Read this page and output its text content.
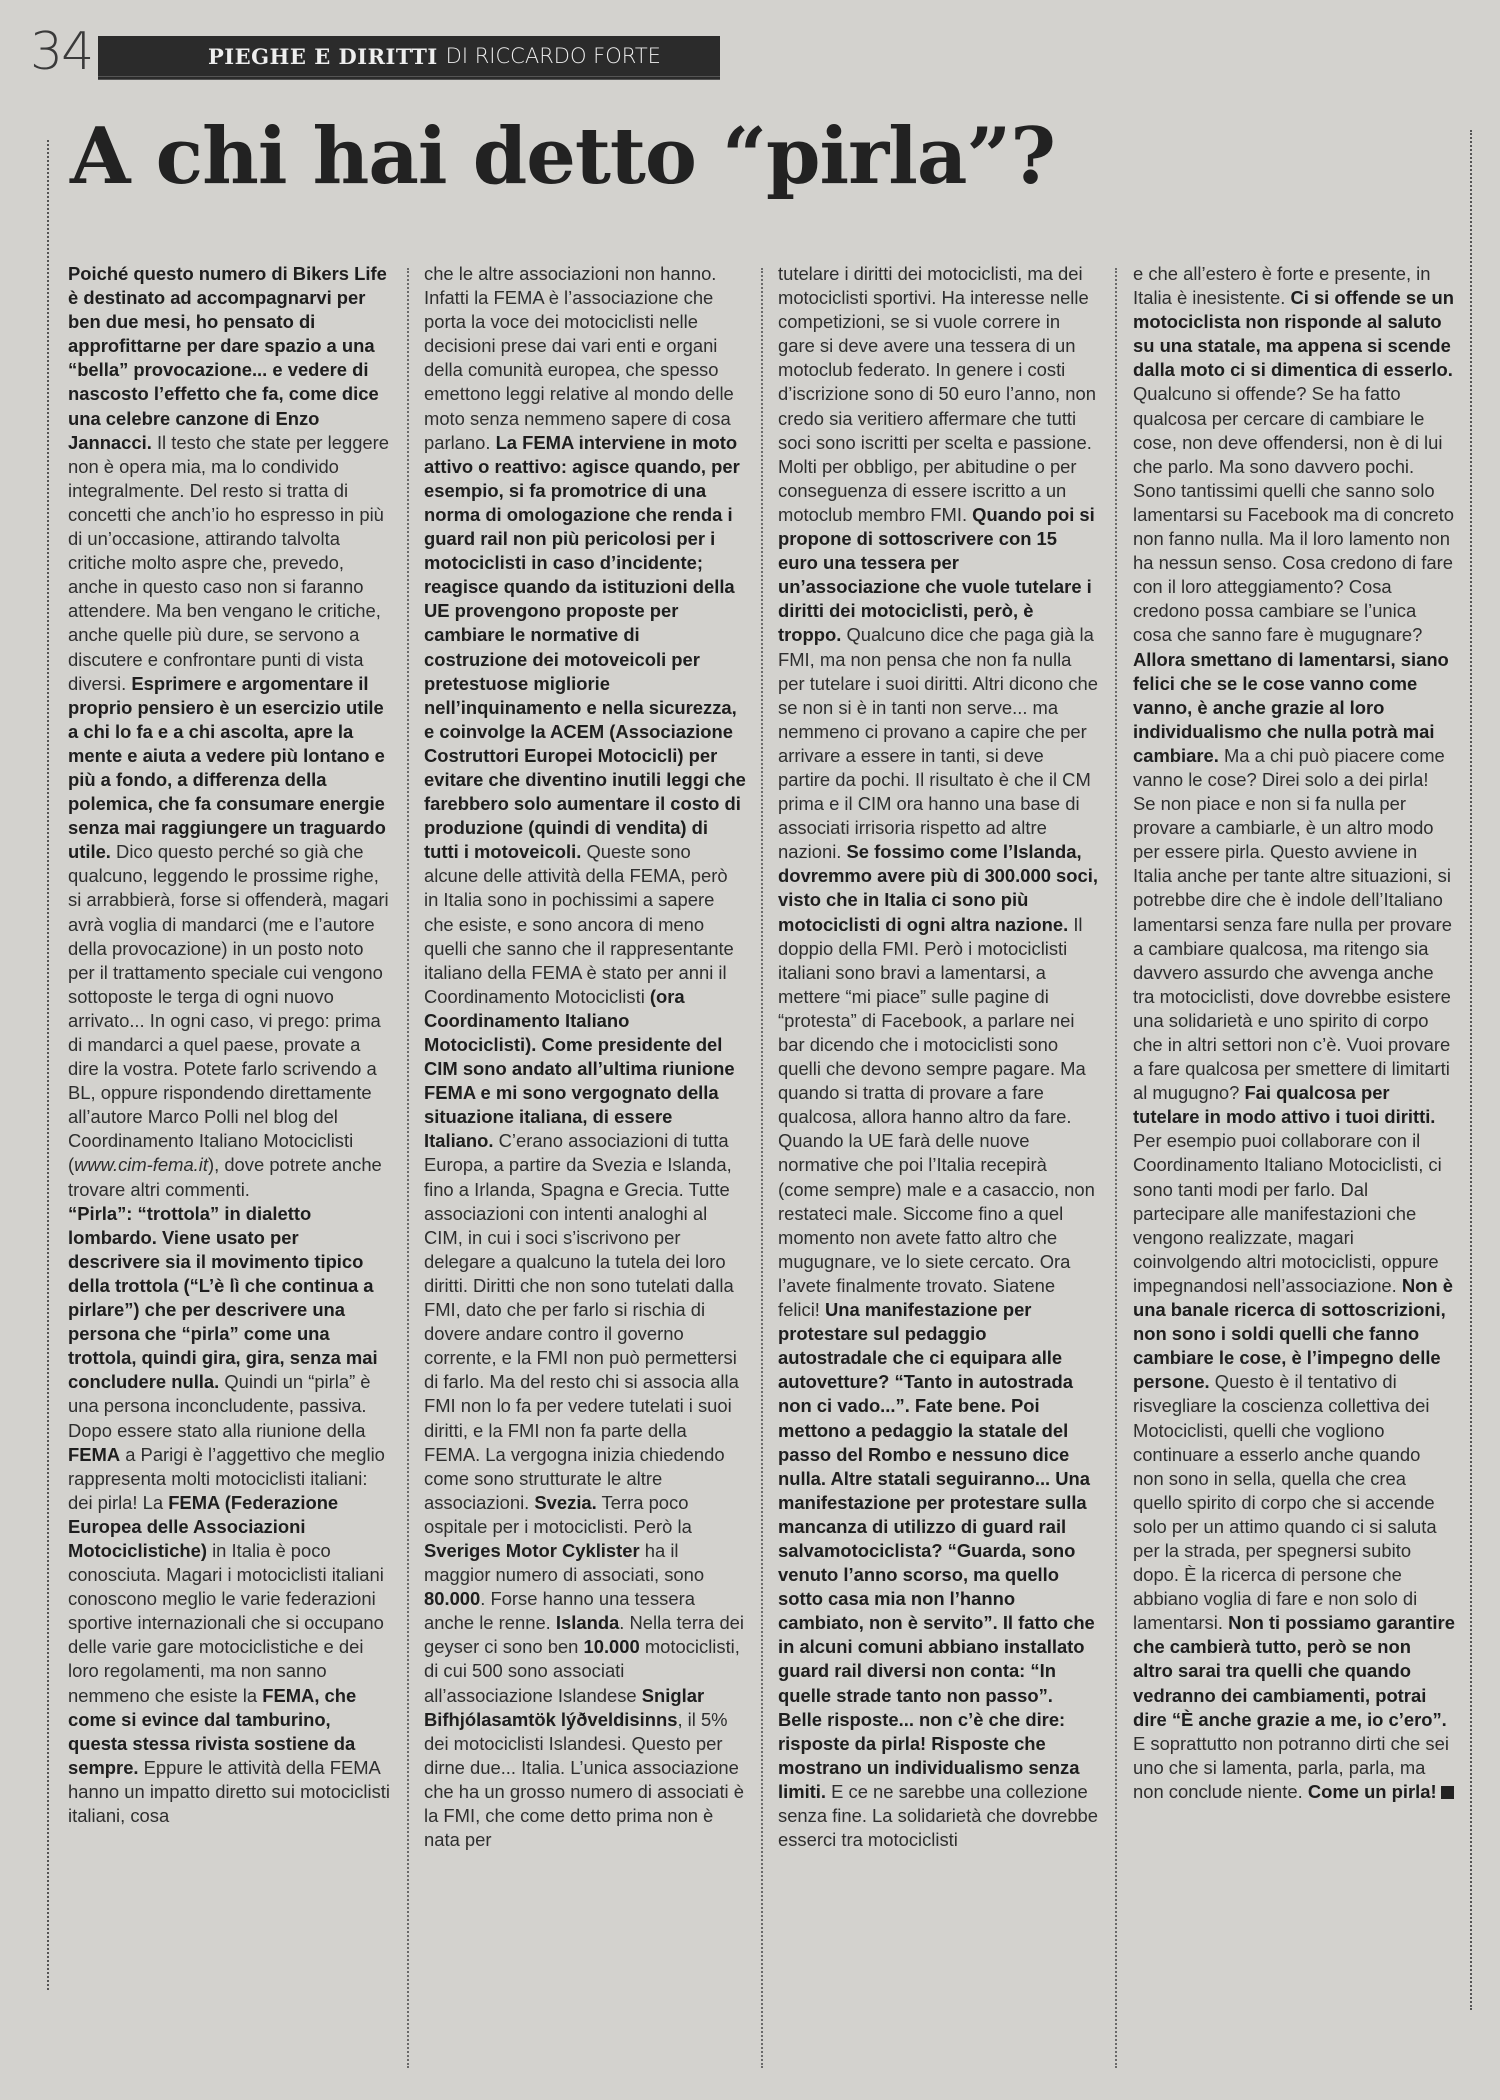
34	PIEGHE E DIRITTI DI RICCARDO FORTE
A chi hai detto “pirla”?

Poiché questo numero di Bikers Life è destinato ad accompagnarvi per ben due mesi, ho pensato di approfittarne per dare spazio a una “bella” provocazione... e vedere di nascosto l’effetto che fa, come dice una celebre canzone di Enzo Jannacci. Il testo che state per leggere non è opera mia, ma lo condivido integralmente. Del resto si tratta di concetti che anch’io ho espresso in più di un’occasione, attirando talvolta critiche molto aspre che, prevedo, anche in questo caso non si faranno attendere. Ma ben vengano le critiche, anche quelle più dure, se servono a discutere e confrontare punti di vista diversi. Esprimere e argomentare il proprio pensiero è un esercizio utile a chi lo fa e a chi ascolta, apre la mente e aiuta a vedere più lontano e più a fondo, a differenza della polemica, che fa consumare energie senza mai raggiungere un traguardo utile. Dico questo perché so già che qualcuno, leggendo le prossime righe, si arrabbierà, forse si offenderà, magari avrà voglia di mandarci (me e l’autore della provocazione) in un posto noto per il trattamento speciale cui vengono sottoposte le terga di ogni nuovo arrivato... In ogni caso, vi prego: prima di mandarci a quel paese, provate a dire la vostra. Potete farlo scrivendo a BL, oppure rispondendo direttamente all’autore Marco Polli nel blog del Coordinamento Italiano Motociclisti (www.cim-fema.it), dove potrete anche trovare altri commenti.
“Pirla”: “trottola” in dialetto lombardo. Viene usato per descrivere sia il movimento tipico della trottola (“L’è lì che continua a pirlare”) che per descrivere una persona che “pirla” come una trottola, quindi gira, gira, senza mai concludere nulla. Quindi un “pirla” è una persona inconcludente, passiva. Dopo essere stato alla riunione della FEMA a Parigi è l’aggettivo che meglio rappresenta molti motociclisti italiani: dei pirla! La FEMA (Federazione Europea delle Associazioni Motociclistiche) in Italia è poco conosciuta. Magari i motociclisti italiani conoscono meglio le varie federazioni sportive internazionali che si occupano delle varie gare motociclistiche e dei loro regolamenti, ma non sanno nemmeno che esiste la FEMA, che come si evince dal tamburino, questa stessa rivista sostiene da sempre. Eppure le attività della FEMA hanno un impatto diretto sui motociclisti italiani, cosa

che le altre associazioni non hanno. Infatti la FEMA è l’associazione che porta la voce dei motociclisti nelle decisioni prese dai vari enti e organi della comunità europea, che spesso emettono leggi relative al mondo delle moto senza nemmeno sapere di cosa parlano. La FEMA interviene in moto attivo o reattivo: agisce quando, per esempio, si fa promotrice di una norma di omologazione che renda i guard rail non più pericolosi per i motociclisti in caso d’incidente; reagisce quando da istituzioni della UE provengono proposte per cambiare le normative di costruzione dei motoveicoli per pretestuose migliorie nell’inquinamento e nella sicurezza, e coinvolge la ACEM (Associazione Costruttori Europei Motocicli) per evitare che diventino inutili leggi che farebbero solo aumentare il costo di produzione (quindi di vendita) di tutti i motoveicoli. Queste sono alcune delle attività della FEMA, però in Italia sono in pochissimi a sapere che esiste, e sono ancora di meno quelli che sanno che il rappresentante italiano della FEMA è stato per anni il Coordinamento Motociclisti (ora Coordinamento Italiano Motociclisti). Come presidente del CIM sono andato all’ultima riunione FEMA e mi sono vergognato della situazione italiana, di essere Italiano. C’erano associazioni di tutta Europa, a partire da Svezia e Islanda, fino a Irlanda, Spagna e Grecia. Tutte associazioni con intenti analoghi al CIM, in cui i soci s’iscrivono per delegare a qualcuno la tutela dei loro diritti. Diritti che non sono tutelati dalla FMI, dato che per farlo si rischia di dovere andare contro il governo corrente, e la FMI non può permettersi di farlo. Ma del resto chi si associa alla FMI non lo fa per vedere tutelati i suoi diritti, e la FMI non fa parte della FEMA. La vergogna inizia chiedendo come sono strutturate le altre associazioni. Svezia. Terra poco ospitale per i motociclisti. Però la Sveriges Motor Cyklister ha il maggior numero di associati, sono 80.000. Forse hanno una tessera anche le renne. Islanda. Nella terra dei geyser ci sono ben 10.000 motociclisti, di cui 500 sono associati all’associazione Islandese Sniglar Bifhjólasamtök lýðveldisinns, il 5% dei motociclisti Islandesi. Questo per dirne due... Italia. L’unica associazione che ha un grosso numero di associati è la FMI, che come detto prima non è nata per

tutelare i diritti dei motociclisti, ma dei motociclisti sportivi. Ha interesse nelle competizioni, se si vuole correre in gare si deve avere una tessera di un motoclub federato. In genere i costi d’iscrizione sono di 50 euro l’anno, non credo sia veritiero affermare che tutti soci sono iscritti per scelta e passione. Molti per obbligo, per abitudine o per conseguenza di essere iscritto a un motoclub membro FMI. Quando poi si propone di sottoscrivere con 15 euro una tessera per un’associazione che vuole tutelare i diritti dei motociclisti, però, è troppo. Qualcuno dice che paga già la FMI, ma non pensa che non fa nulla per tutelare i suoi diritti. Altri dicono che se non si è in tanti non serve... ma nemmeno ci provano a capire che per arrivare a essere in tanti, si deve partire da pochi. Il risultato è che il CM prima e il CIM ora hanno una base di associati irrisoria rispetto ad altre nazioni. Se fossimo come l’Islanda, dovremmo avere più di 300.000 soci, visto che in Italia ci sono più motociclisti di ogni altra nazione. Il doppio della FMI. Però i motociclisti italiani sono bravi a lamentarsi, a mettere “mi piace” sulle pagine di “protesta” di Facebook, a parlare nei bar dicendo che i motociclisti sono quelli che devono sempre pagare. Ma quando si tratta di provare a fare qualcosa, allora hanno altro da fare. Quando la UE farà delle nuove normative che poi l’Italia recepirà (come sempre) male e a casaccio, non restateci male. Siccome fino a quel momento non avete fatto altro che mugugnare, ve lo siete cercato. Ora l’avete finalmente trovato. Siatene felici! Una manifestazione per protestare sul pedaggio autostradale che ci equipara alle autovetture? “Tanto in autostrada non ci vado...”. Fate bene. Poi mettono a pedaggio la statale del passo del Rombo e nessuno dice nulla. Altre statali seguiranno... Una manifestazione per protestare sulla mancanza di utilizzo di guard rail salvamotociclista? “Guarda, sono venuto l’anno scorso, ma quello sotto casa mia non l’hanno cambiato, non è servito”. Il fatto che in alcuni comuni abbiano installato guard rail diversi non conta: “In quelle strade tanto non passo”. Belle risposte... non c’è che dire: risposte da pirla! Risposte che mostrano un individualismo senza limiti. E ce ne sarebbe una collezione senza fine. La solidarietà che dovrebbe esserci tra motociclisti

e che all’estero è forte e presente, in Italia è inesistente. Ci si offende se un motociclista non risponde al saluto su una statale, ma appena si scende dalla moto ci si dimentica di esserlo. Qualcuno si offende? Se ha fatto qualcosa per cercare di cambiare le cose, non deve offendersi, non è di lui che parlo. Ma sono davvero pochi. Sono tantissimi quelli che sanno solo lamentarsi su Facebook ma di concreto non fanno nulla. Ma il loro lamento non ha nessun senso. Cosa credono di fare con il loro atteggiamento? Cosa credono possa cambiare se l’unica cosa che sanno fare è mugugnare? Allora smettano di lamentarsi, siano felici che se le cose vanno come vanno, è anche grazie al loro individualismo che nulla potrà mai cambiare. Ma a chi può piacere come vanno le cose? Direi solo a dei pirla! Se non piace e non si fa nulla per provare a cambiarle, è un altro modo per essere pirla. Questo avviene in Italia anche per tante altre situazioni, si potrebbe dire che è indole dell’Italiano lamentarsi senza fare nulla per provare a cambiare qualcosa, ma ritengo sia davvero assurdo che avvenga anche tra motociclisti, dove dovrebbe esistere una solidarietà e uno spirito di corpo che in altri settori non c’è. Vuoi provare a fare qualcosa per smettere di limitarti al mugugno? Fai qualcosa per tutelare in modo attivo i tuoi diritti. Per esempio puoi collaborare con il Coordinamento Italiano Motociclisti, ci sono tanti modi per farlo. Dal partecipare alle manifestazioni che vengono realizzate, magari coinvolgendo altri motociclisti, oppure impegnandosi nell’associazione. Non è una banale ricerca di sottoscrizioni, non sono i soldi quelli che fanno cambiare le cose, è l’impegno delle persone. Questo è il tentativo di risvegliare la coscienza collettiva dei Motociclisti, quelli che vogliono continuare a esserlo anche quando non sono in sella, quella che crea quello spirito di corpo che si accende solo per un attimo quando ci si saluta per la strada, per spegnersi subito dopo. È la ricerca di persone che abbiano voglia di fare e non solo di lamentarsi. Non ti possiamo garantire che cambierà tutto, però se non altro sarai tra quelli che quando vedranno dei cambiamenti, potrai dire “È anche grazie a me, io c’ero”. E soprattutto non potranno dirti che sei uno che si lamenta, parla, parla, ma non conclude niente. Come un pirla!
